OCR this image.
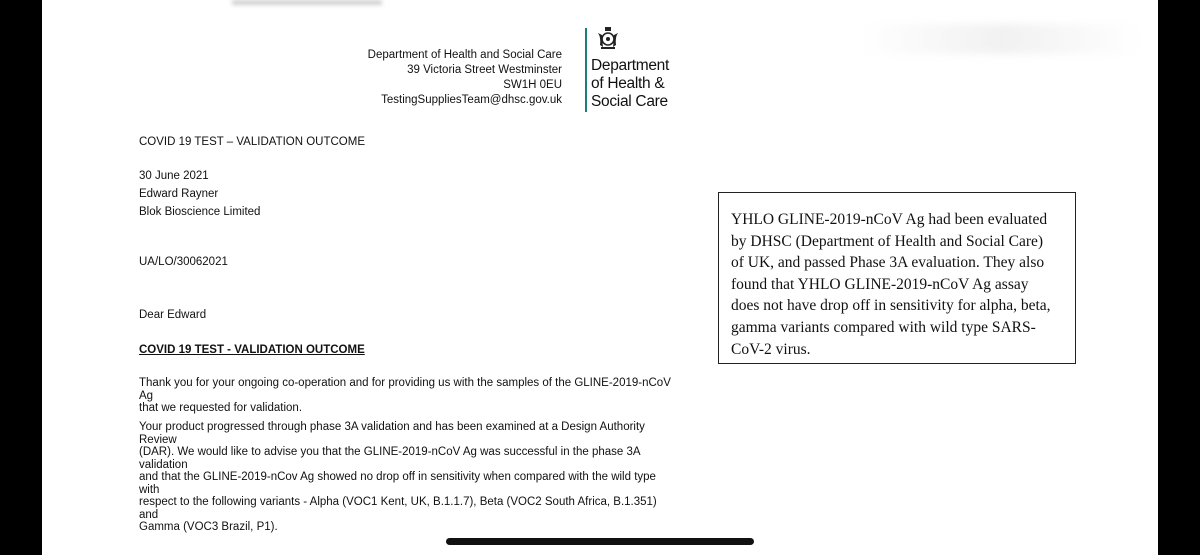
Department of Health and Social Care
39 Victoria Street Westminster
SW1H 0EU
TestingSuppliesTeam@dhsc.gov.uk
Department
of Health &
Social Care
COVID 19 TEST – VALIDATION OUTCOME
30 June 2021
Edward Rayner
Blok Bioscience Limited
UA/LO/30062021
Dear Edward
COVID 19 TEST - VALIDATION OUTCOME
Thank you for your ongoing co-operation and for providing us with the samples of the GLINE-2019-nCoV Ag
that we requested for validation.
Your product progressed through phase 3A validation and has been examined at a Design Authority Review
(DAR). We would like to advise you that the GLINE-2019-nCoV Ag was successful in the phase 3A validation
and that the GLINE-2019-nCov Ag showed no drop off in sensitivity when compared with the wild type with
respect to the following variants - Alpha (VOC1 Kent, UK, B.1.1.7), Beta (VOC2 South Africa, B.1.351) and
Gamma (VOC3 Brazil, P1).
YHLO GLINE-2019-nCoV Ag had been evaluated
by DHSC (Department of Health and Social Care)
of UK, and passed Phase 3A evaluation. They also
found that YHLO GLINE-2019-nCoV Ag assay
does not have drop off in sensitivity for alpha, beta,
gamma variants compared with wild type SARS-
CoV-2 virus.
